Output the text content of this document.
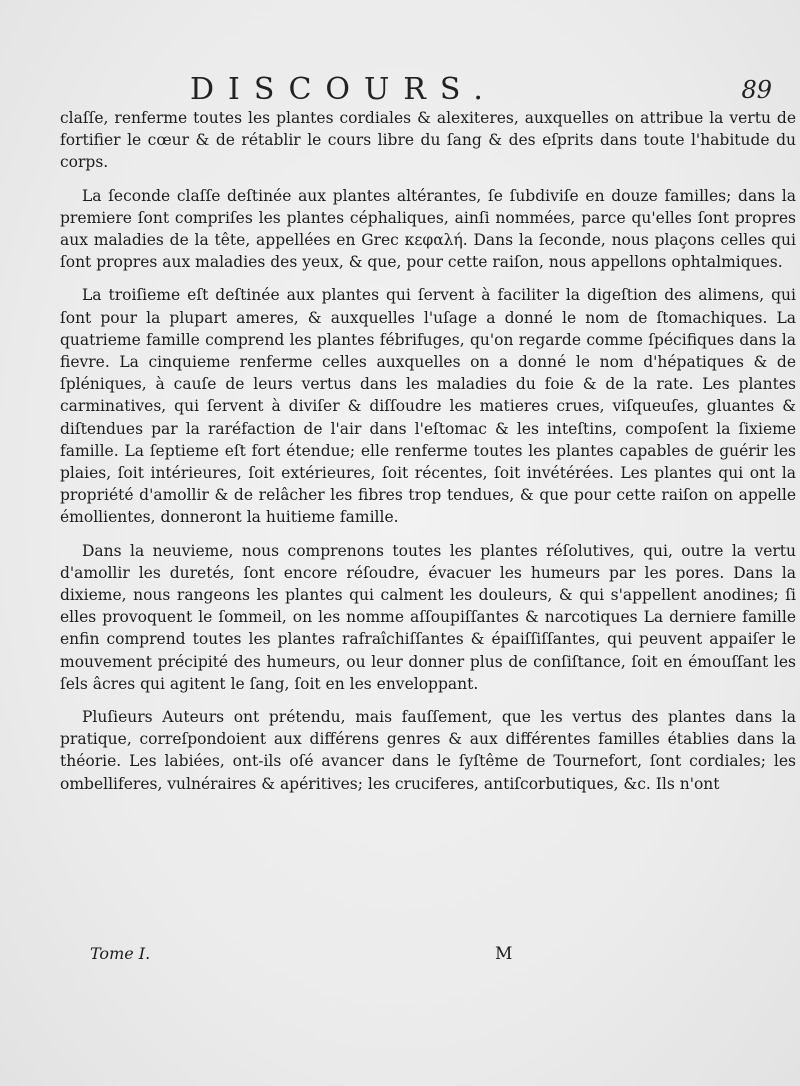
DISCOURS.	89

claſſe, renferme toutes les plantes cordiales & alexiteres, auxquelles on attribue la vertu de fortifier le cœur & de rétablir le cours libre du ſang & des eſprits dans toute l'habitude du corps.

La ſeconde claſſe deſtinée aux plantes altérantes, ſe ſubdiviſe en douze familles; dans la premiere ſont compriſes les plantes céphaliques, ainſi nommées, parce qu'elles ſont propres aux maladies de la tête, appellées en Grec κεφαλή. Dans la ſeconde, nous plaçons celles qui ſont propres aux maladies des yeux, & que, pour cette raiſon, nous appellons ophtalmiques.

La troiſieme eſt deſtinée aux plantes qui ſervent à faciliter la digeſtion des alimens, qui ſont pour la plupart ameres, & auxquelles l'uſage a donné le nom de ſtomachiques. La quatrieme famille comprend les plantes fébrifuges, qu'on regarde comme ſpécifiques dans la fievre. La cinquieme renferme celles auxquelles on a donné le nom d'hépatiques & de ſpléniques, à cauſe de leurs vertus dans les maladies du foie & de la rate. Les plantes carminatives, qui ſervent à diviſer & diſſoudre les matieres crues, viſqueuſes, gluantes & diſtendues par la raréfaction de l'air dans l'eſtomac & les inteſtins, compoſent la ſixieme famille. La ſeptieme eſt fort étendue; elle renferme toutes les plantes capables de guérir les plaies, ſoit intérieures, ſoit extérieures, ſoit récentes, ſoit invétérées. Les plantes qui ont la propriété d'amollir & de relâcher les fibres trop tendues, & que pour cette raiſon on appelle émollientes, donneront la huitieme famille.

Dans la neuvieme, nous comprenons toutes les plantes réſolutives, qui, outre la vertu d'amollir les duretés, ſont encore réſoudre, évacuer les humeurs par les pores. Dans la dixieme, nous rangeons les plantes qui calment les douleurs, & qui s'appellent anodines; ſi elles provoquent le ſommeil, on les nomme aſſoupiſſantes & narcotiques La derniere famille enfin comprend toutes les plantes rafraîchiſſantes & épaiſſiſſantes, qui peuvent appaiſer le mouvement précipité des humeurs, ou leur donner plus de conſiſtance, ſoit en émouſſant les ſels âcres qui agitent le ſang, ſoit en les enveloppant.

Pluſieurs Auteurs ont prétendu, mais fauſſement, que les vertus des plantes dans la pratique, correſpondoient aux différens genres & aux différentes familles établies dans la théorie. Les labiées, ont-ils oſé avancer dans le ſyſtême de Tournefort, ſont cordiales; les ombelliferes, vulnéraires & apéritives; les cruciferes, antiſcorbutiques, &c. Ils n'ont

Tome I.	M
